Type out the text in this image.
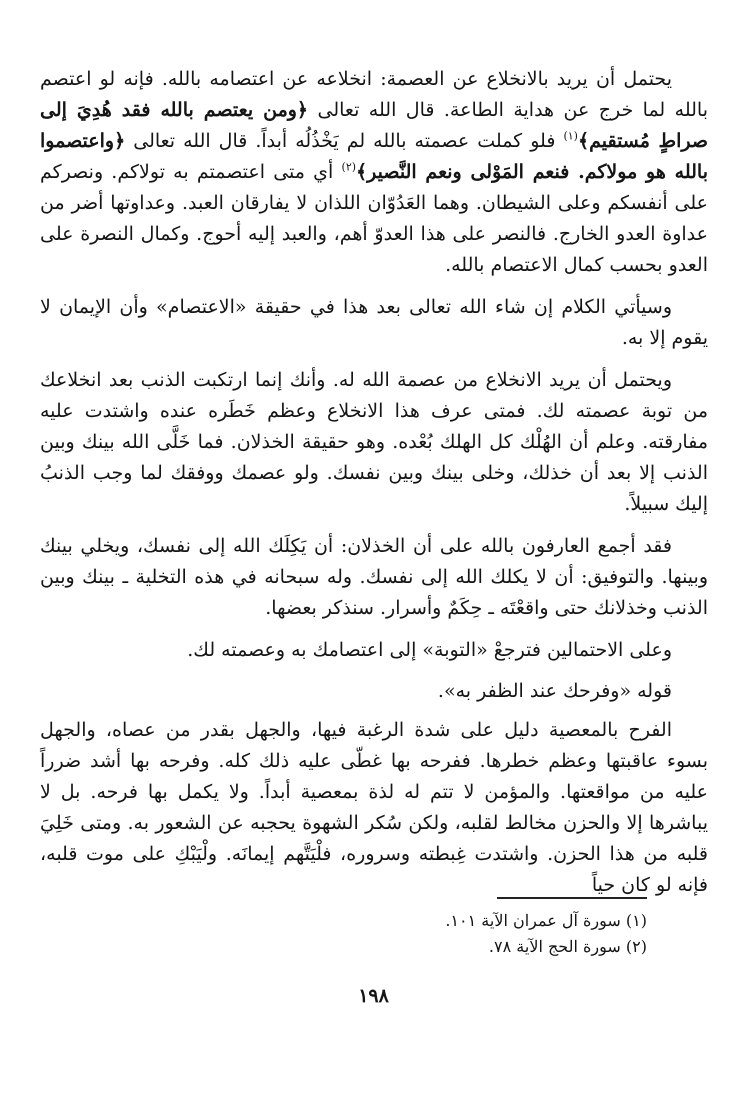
يحتمل أن يريد بالانخلاع عن العصمة: انخلاعه عن اعتصامه بالله. فإنه لو اعتصم بالله لما خرج عن هداية الطاعة. قال الله تعالى ﴿ومن يعتصم بالله فقد هُدِيَ إلى صراطٍ مُستقيم﴾$^{(١)}$ فلو كملت عصمته بالله لم يَخْذُلُه أبداً. قال الله تعالى ﴿واعتصموا بالله هو مولاكم. فنعم المَوْلى ونعم النَّصير﴾$^{(٢)}$ أي متى اعتصمتم به تولاكم. ونصركم على أنفسكم وعلى الشيطان. وهما العَدُوّان اللذان لا يفارقان العبد. وعداوتها أضر من عداوة العدو الخارج. فالنصر على هذا العدوّ أهم، والعبد إليه أحوج. وكمال النصرة على العدو بحسب كمال الاعتصام بالله.

وسيأتي الكلام إن شاء الله تعالى بعد هذا في حقيقة «الاعتصام» وأن الإيمان لا يقوم إلا به.

ويحتمل أن يريد الانخلاع من عصمة الله له. وأنك إنما ارتكبت الذنب بعد انخلاعك من توبة عصمته لك. فمتى عرف هذا الانخلاع وعظم خَطَره عنده واشتدت عليه مفارقته. وعلم أن الهُلْك كل الهلك بُعْده. وهو حقيقة الخذلان. فما خَلَّى الله بينك وبين الذنب إلا بعد أن خذلك، وخلى بينك وبين نفسك. ولو عصمك ووفقك لما وجب الذنبُ إليك سبيلاً.

فقد أجمع العارفون بالله على أن الخذلان: أن يَكِلَك الله إلى نفسك، ويخلي بينك وبينها. والتوفيق: أن لا يكلك الله إلى نفسك. وله سبحانه في هذه التخلية ـ بينك وبين الذنب وخذلانك حتى واقعْتَه ـ حِكَمٌ وأسرار. سنذكر بعضها.

وعلى الاحتمالين فترجعْ «التوبة» إلى اعتصامك به وعصمته لك.

قوله «وفرحك عند الظفر به».

الفرح بالمعصية دليل على شدة الرغبة فيها، والجهل بقدر من عصاه، والجهل بسوء عاقبتها وعظم خطرها. ففرحه بها غطّى عليه ذلك كله. وفرحه بها أشد ضرراً عليه من مواقعتها. والمؤمن لا تتم له لذة بمعصية أبداً. ولا يكمل بها فرحه. بل لا يباشرها إلا والحزن مخالط لقلبه، ولكن سُكر الشهوة يحجبه عن الشعور به. ومتى خَلِيَ قلبه من هذا الحزن. واشتدت غِبطته وسروره، فلْيَتَّهم إيمانَه. ولْيَبْكِ على موت قلبه، فإنه لو كان حياً

(١) سورة آل عمران الآية ١٠١.

(٢) سورة الحج الآية ٧٨.

١٩٨
